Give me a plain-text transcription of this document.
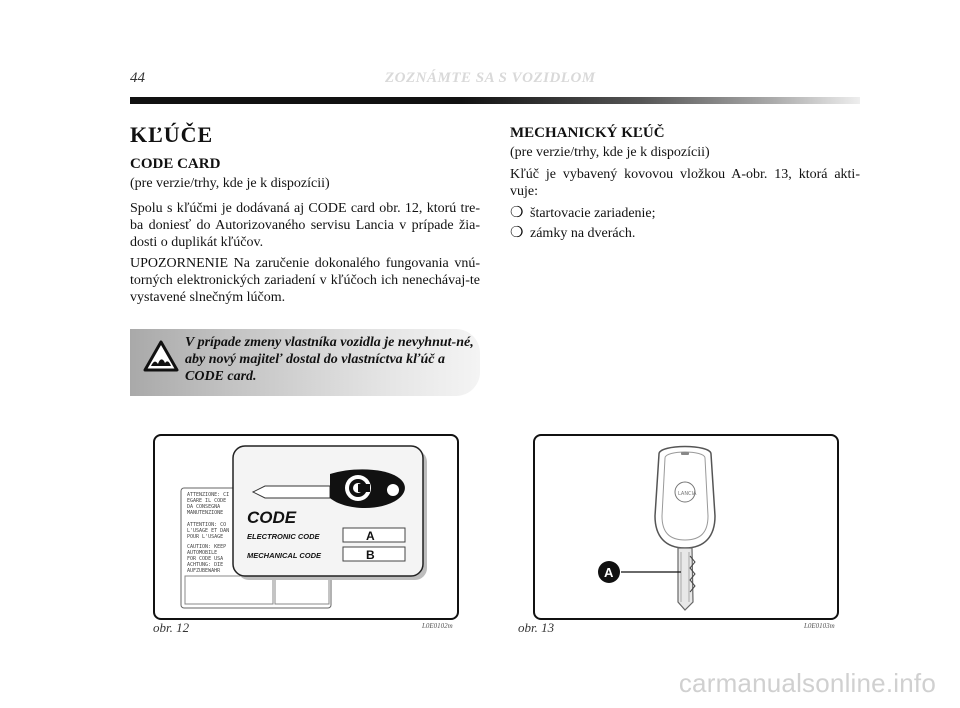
44	ZOZNÁMTE SA S VOZIDLOM
KĽÚČE
CODE CARD
(pre verzie/trhy, kde je k dispozícii)
Spolu s kľúčmi je dodávaná aj CODE card obr. 12, ktorú tre-ba doniesť do Autorizovaného servisu Lancia v prípade žia-dosti o duplikát kľúčov.
UPOZORNENIE Na zaručenie dokonalého fungovania vnú-torných elektronických zariadení v kľúčoch ich nenechávaj-te vystavené slnečným lúčom.
V prípade zmeny vlastníka vozidla je nevyhnut-né, aby nový majiteľ dostal do vlastníctva kľúč a CODE card.
MECHANICKÝ KĽÚČ
(pre verzie/trhy, kde je k dispozícii)
Kľúč je vybavený kovovou vložkou A-obr. 13, ktorá akti-vuje:
❍ štartovacie zariadenie;
❍ zámky na dverách.
ATTENZIONE: CI
EGARE IL CODE
DA CONSEGNA
MANUTENZIONE
ATTENTION: CO
L'USAGE ET DAN
POUR L'USAGE
CAUTION: KEEP
AUTOMOBILE
FOR CODE USA
ACHTUNG: DIE
AUFZUBEWAHR
CODE
ELECTRONIC CODE	A
MECHANICAL CODE	B
obr. 12	L0E0102m
LANCIA
A
obr. 13	L0E0103m
carmanualsonline.info
